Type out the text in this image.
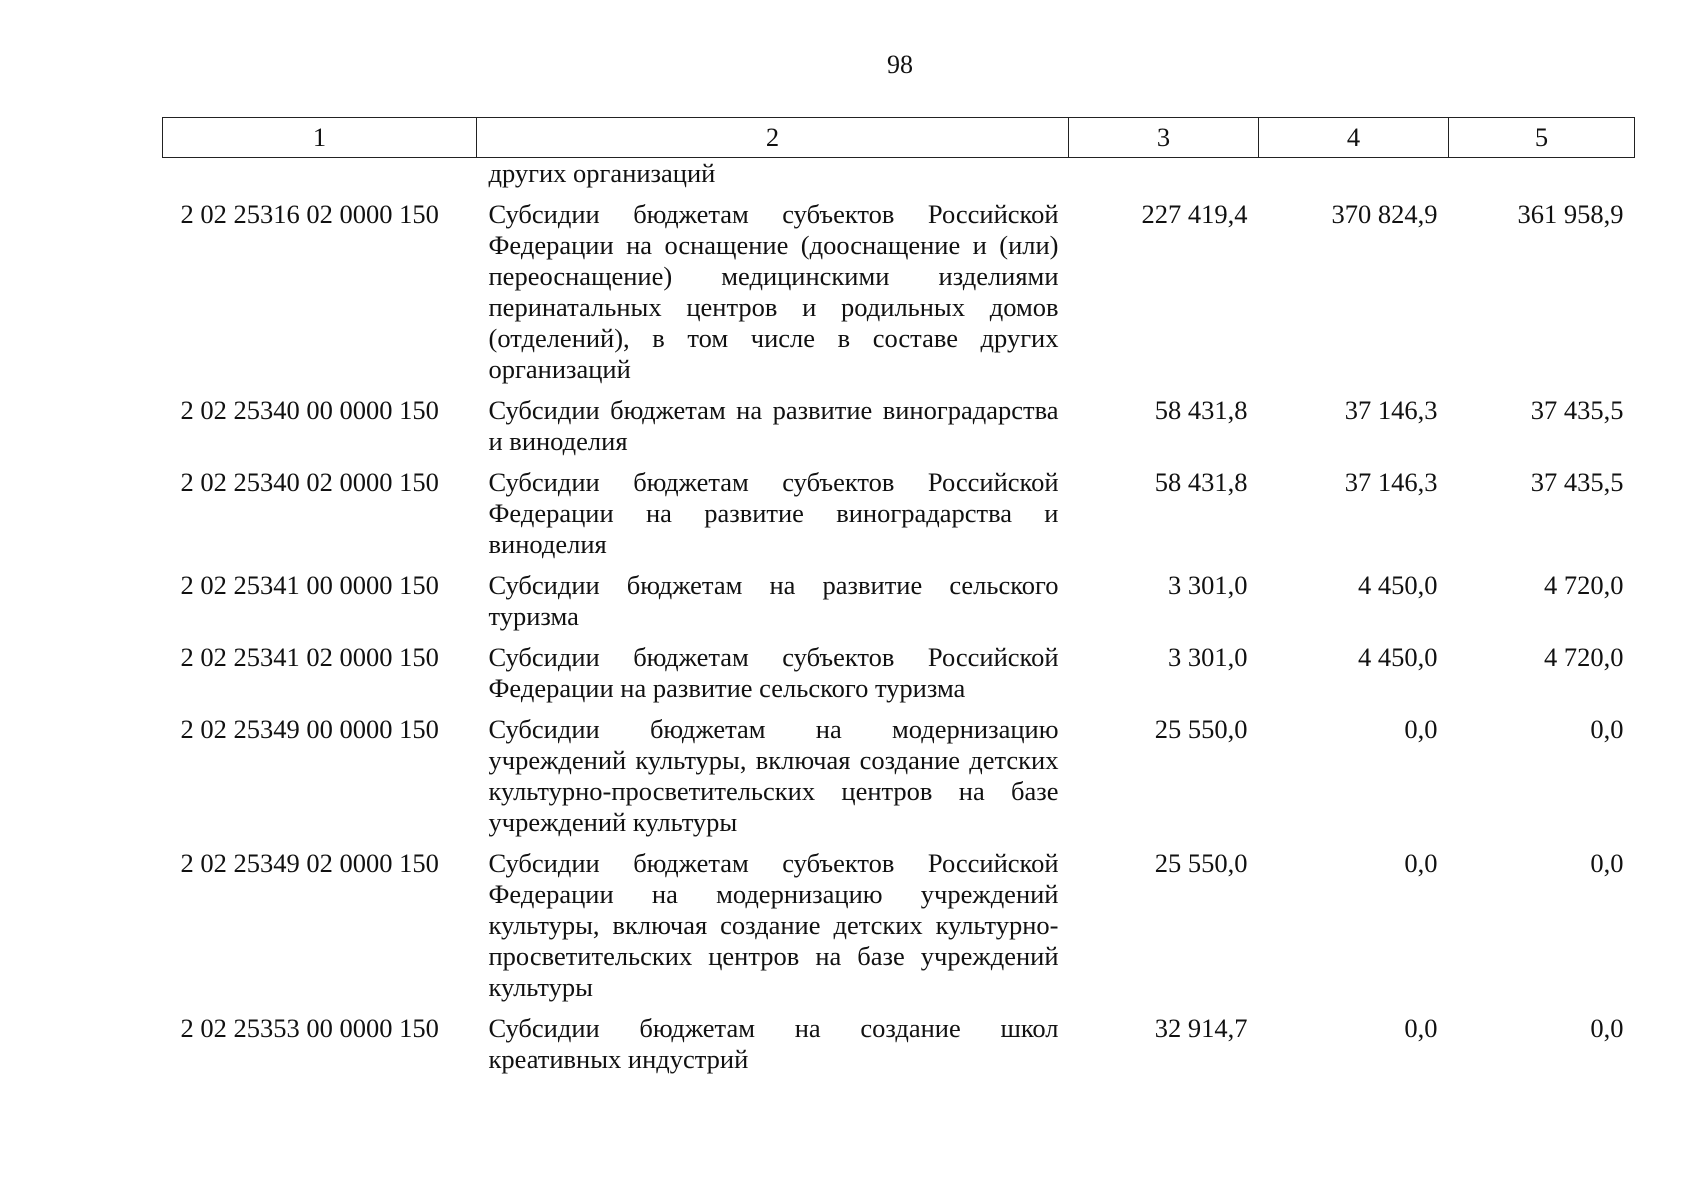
98
1	2	3	4	5
	других организаций			
2 02 25316 02 0000 150	Субсидии бюджетам субъектов Российской Федерации на оснащение (дооснащение и (или) переоснащение) медицинскими изделиями перинатальных центров и родильных домов (отделений), в том числе в составе других организаций	227 419,4	370 824,9	361 958,9
2 02 25340 00 0000 150	Субсидии бюджетам на развитие виноградарства и виноделия	58 431,8	37 146,3	37 435,5
2 02 25340 02 0000 150	Субсидии бюджетам субъектов Российской Федерации на развитие виноградарства и виноделия	58 431,8	37 146,3	37 435,5
2 02 25341 00 0000 150	Субсидии бюджетам на развитие сельского туризма	3 301,0	4 450,0	4 720,0
2 02 25341 02 0000 150	Субсидии бюджетам субъектов Российской Федерации на развитие сельского туризма	3 301,0	4 450,0	4 720,0
2 02 25349 00 0000 150	Субсидии бюджетам на модернизацию учреждений культуры, включая создание детских культурно-просветительских центров на базе учреждений культуры	25 550,0	0,0	0,0
2 02 25349 02 0000 150	Субсидии бюджетам субъектов Российской Федерации на модернизацию учреждений культуры, включая создание детских культурно-просветительских центров на базе учреждений культуры	25 550,0	0,0	0,0
2 02 25353 00 0000 150	Субсидии бюджетам на создание школ креативных индустрий	32 914,7	0,0	0,0
